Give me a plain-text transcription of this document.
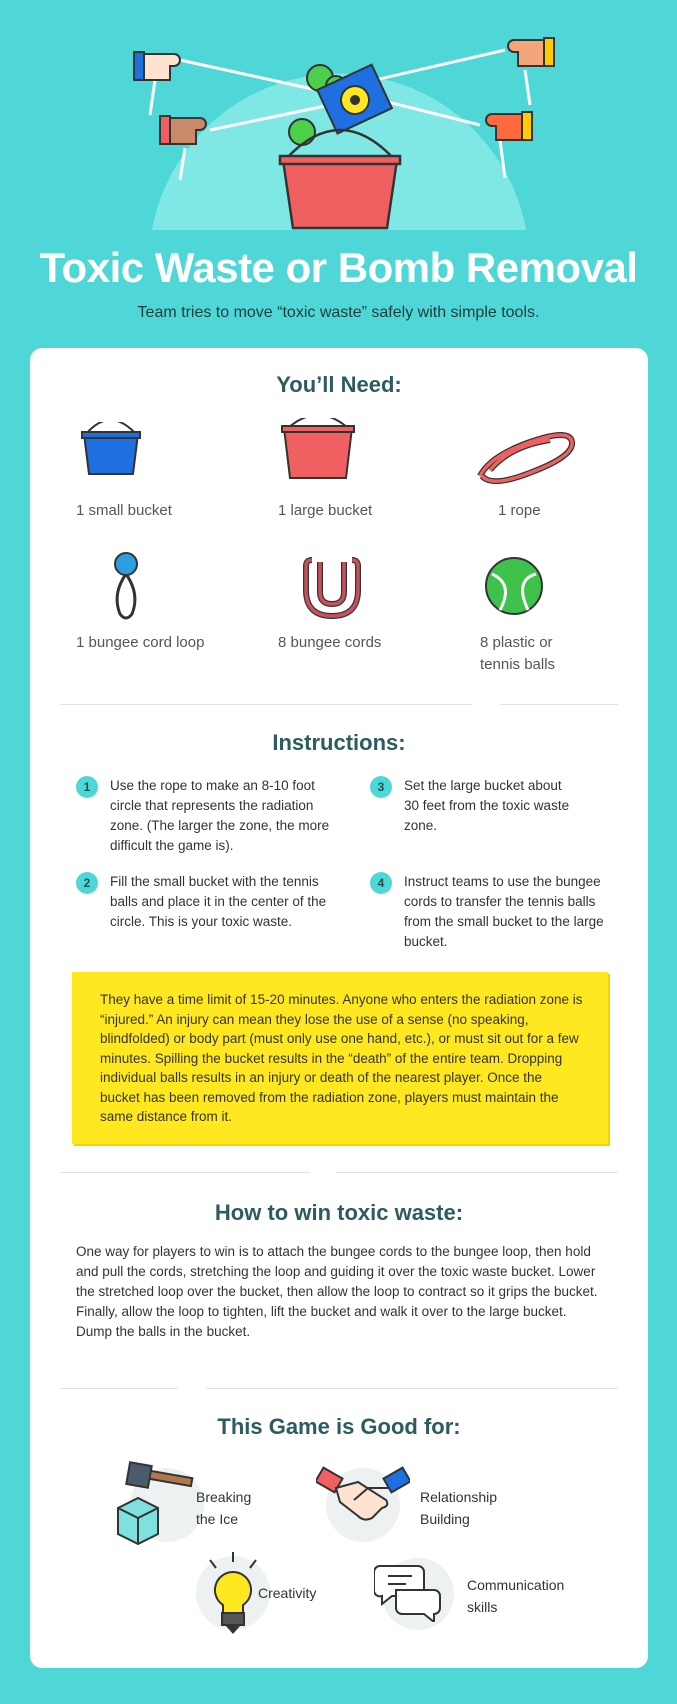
Toxic Waste or Bomb Removal
Team tries to move “toxic waste” safely with simple tools.
You’ll Need:
1 small bucket	1 large bucket	1 rope
1 bungee cord loop	8 bungee cords	8 plastic or tennis balls
Instructions:
1	Use the rope to make an 8-10 foot circle that represents the radiation zone. (The larger the zone, the more difficult the game is).
2	Fill the small bucket with the tennis balls and place it in the center of the circle. This is your toxic waste.
3	Set the large bucket about 30 feet from the toxic waste zone.
4	Instruct teams to use the bungee cords to transfer the tennis balls from the small bucket to the large bucket.
They have a time limit of 15-20 minutes. Anyone who enters the radiation zone is “injured.” An injury can mean they lose the use of a sense (no speaking, blindfolded) or body part (must only use one hand, etc.), or must sit out for a few minutes. Spilling the bucket results in the “death” of the entire team. Dropping individual balls results in an injury or death of the nearest player. Once the bucket has been removed from the radiation zone, players must maintain the same distance from it.
How to win toxic waste:
One way for players to win is to attach the bungee cords to the bungee loop, then hold and pull the cords, stretching the loop and guiding it over the toxic waste bucket. Lower the stretched loop over the bucket, then allow the loop to contract so it grips the bucket. Finally, allow the loop to tighten, lift the bucket and walk it over to the large bucket. Dump the balls in the bucket.
This Game is Good for:
Breaking
the Ice
Relationship
Building
Creativity	Communication
skills
